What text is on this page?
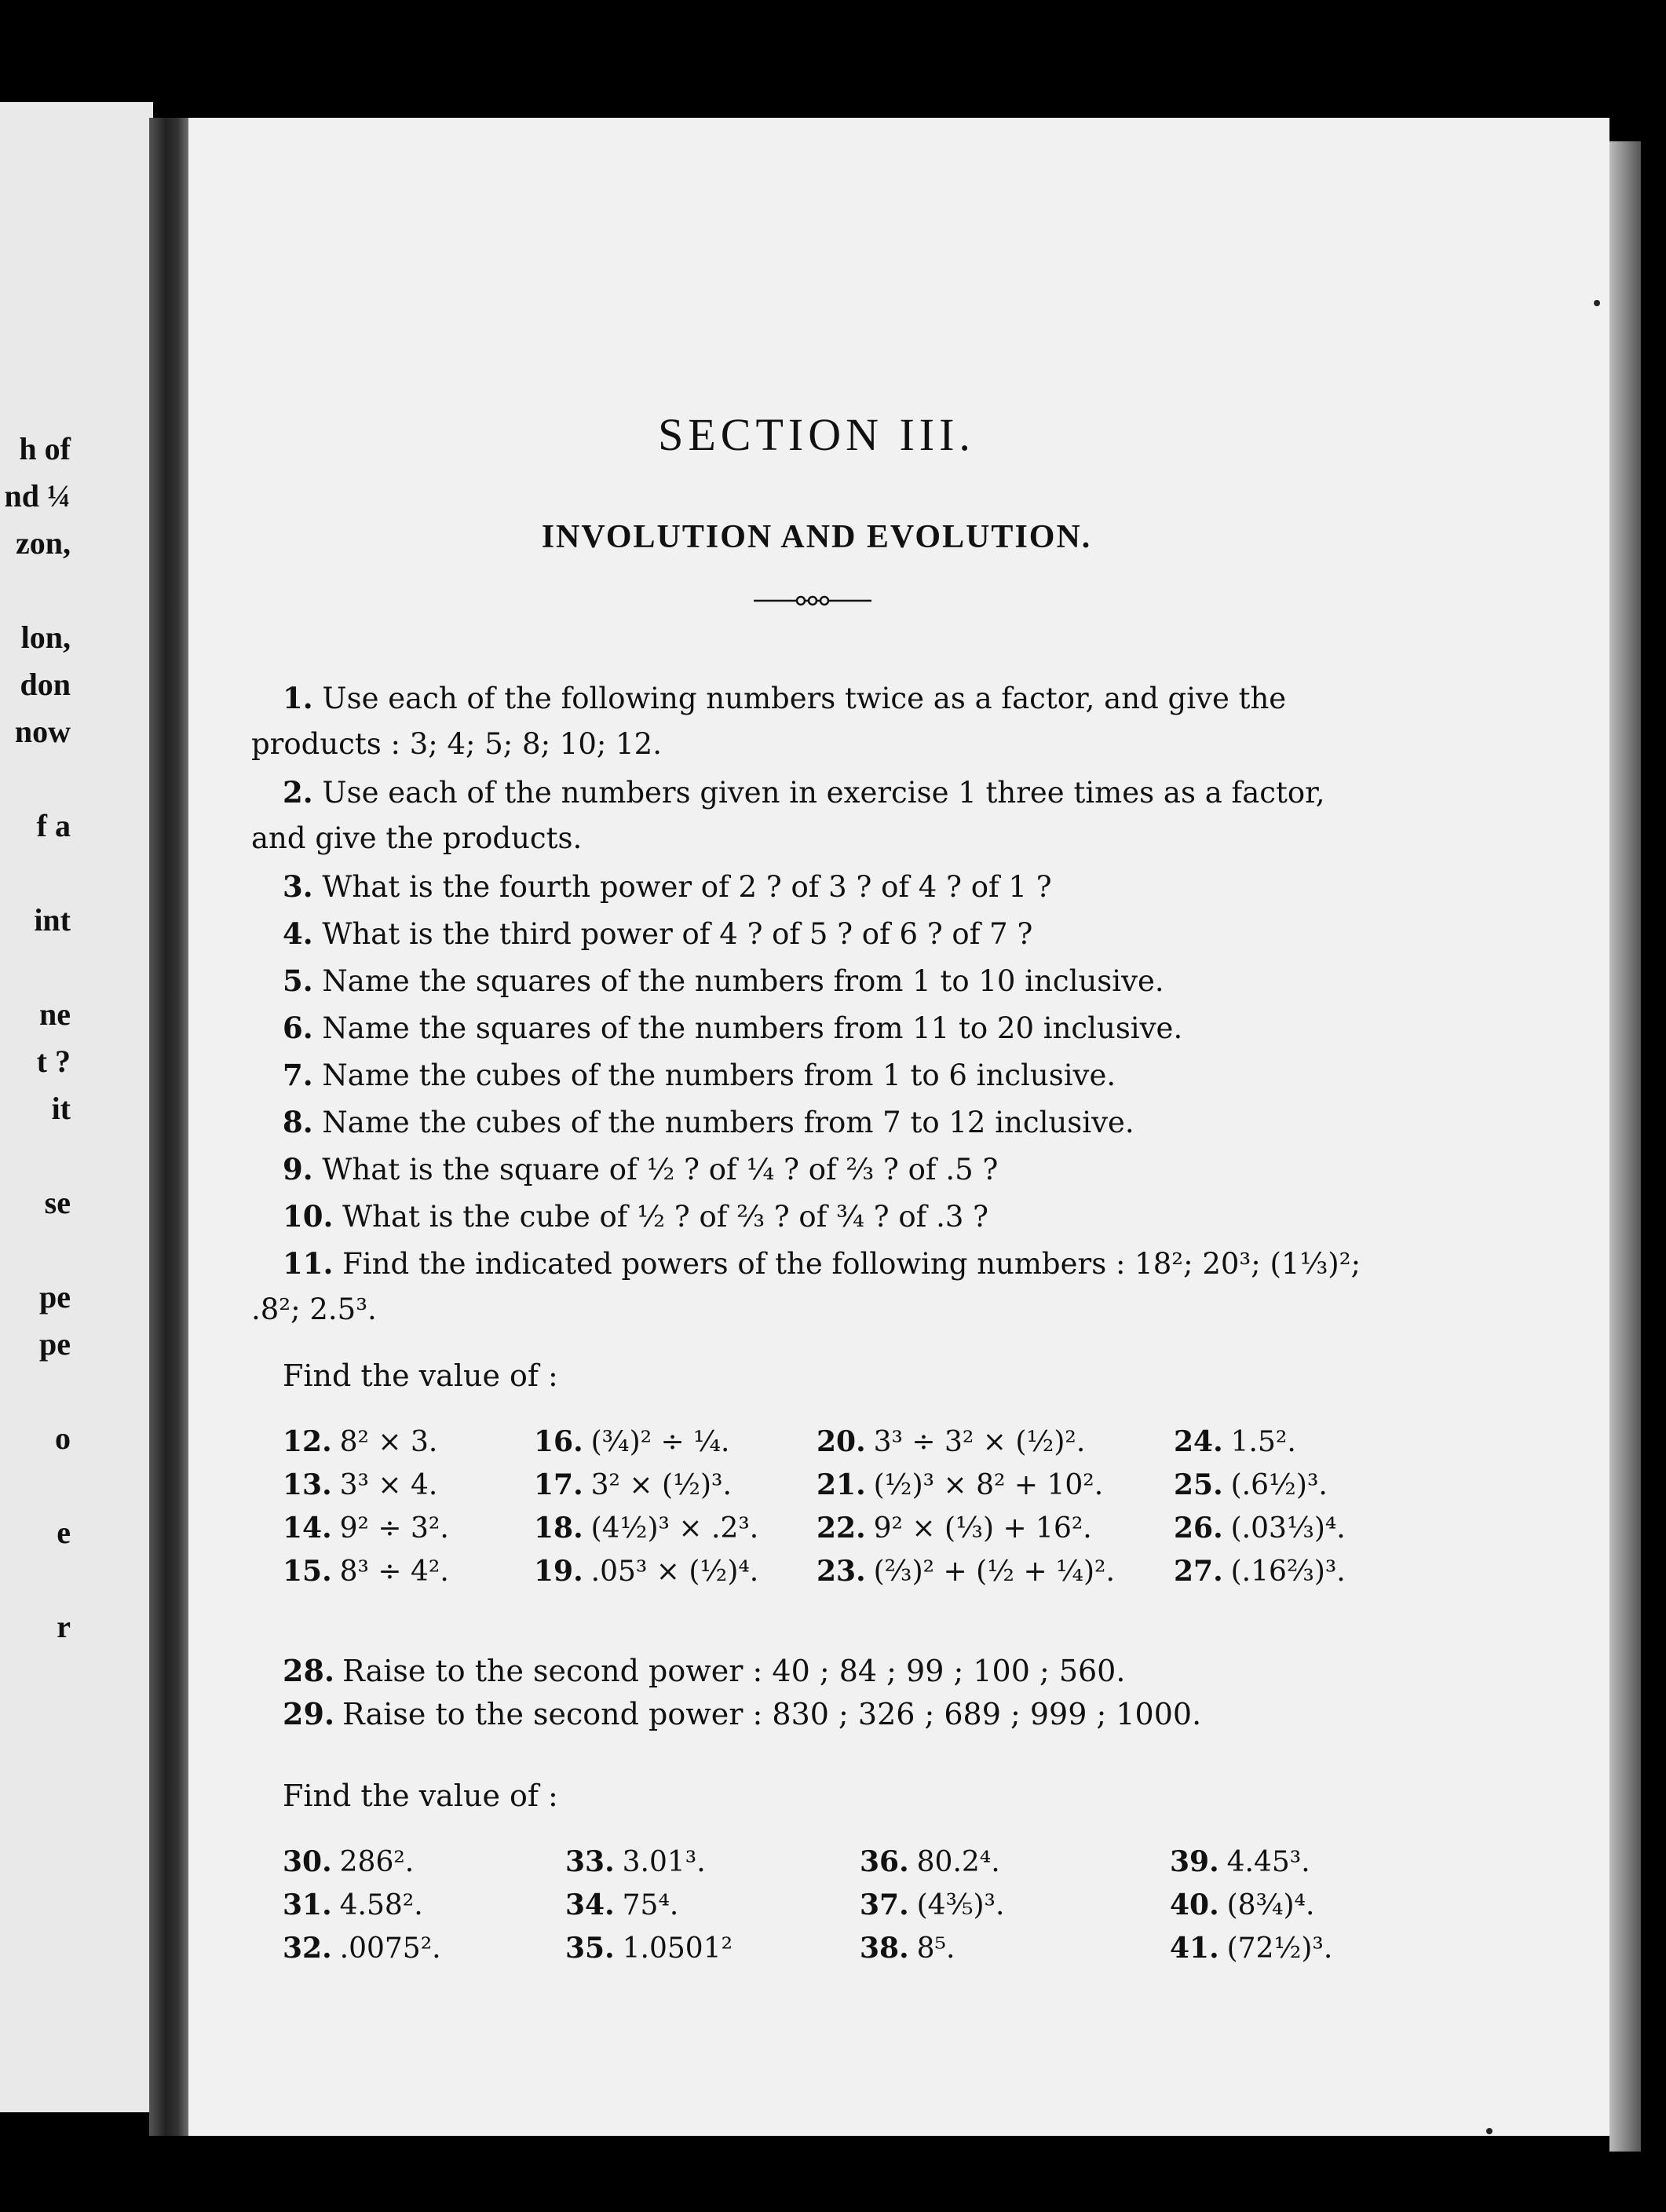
h of
nd ¼
zon,
lon,
don
now
f a
int
ne
t ?
it
se
pe
pe
o
e
r
SECTION III.
INVOLUTION AND EVOLUTION.
1. Use each of the following numbers twice as a factor, and give the products : 3; 4; 5; 8; 10; 12.
2. Use each of the numbers given in exercise 1 three times as a factor, and give the products.
3. What is the fourth power of 2 ? of 3 ? of 4 ? of 1 ?
4. What is the third power of 4 ? of 5 ? of 6 ? of 7 ?
5. Name the squares of the numbers from 1 to 10 inclusive.
6. Name the squares of the numbers from 11 to 20 inclusive.
7. Name the cubes of the numbers from 1 to 6 inclusive.
8. Name the cubes of the numbers from 7 to 12 inclusive.
9. What is the square of ½ ? of ¼ ? of ⅔ ? of .5 ?
10. What is the cube of ½ ? of ⅔ ? of ¾ ? of .3 ?
11. Find the indicated powers of the following numbers : 18²; 20³; (1⅓)²; .8²; 2.5³.
Find the value of :
12. 8² × 3.
13. 3³ × 4.
14. 9² ÷ 3².
15. 8³ ÷ 4².
16. (¾)² ÷ ¼.
17. 3² × (½)³.
18. (4½)³ × .2³.
19. .05³ × (½)⁴.
20. 3³ ÷ 3² × (½)².
21. (½)³ × 8² + 10².
22. 9² × (⅓) + 16².
23. (⅔)² + (½ + ¼)².
24. 1.5².
25. (.6½)³.
26. (.03⅓)⁴.
27. (.16⅔)³.
28. Raise to the second power : 40 ; 84 ; 99 ; 100 ; 560.
29. Raise to the second power : 830 ; 326 ; 689 ; 999 ; 1000.
Find the value of :
30. 286².
31. 4.58².
32. .0075².
33. 3.01³.
34. 75⁴.
35. 1.0501²
36. 80.2⁴.
37. (4⅗)³.
38. 8⁵.
39. 4.45³.
40. (8¾)⁴.
41. (72½)³.
